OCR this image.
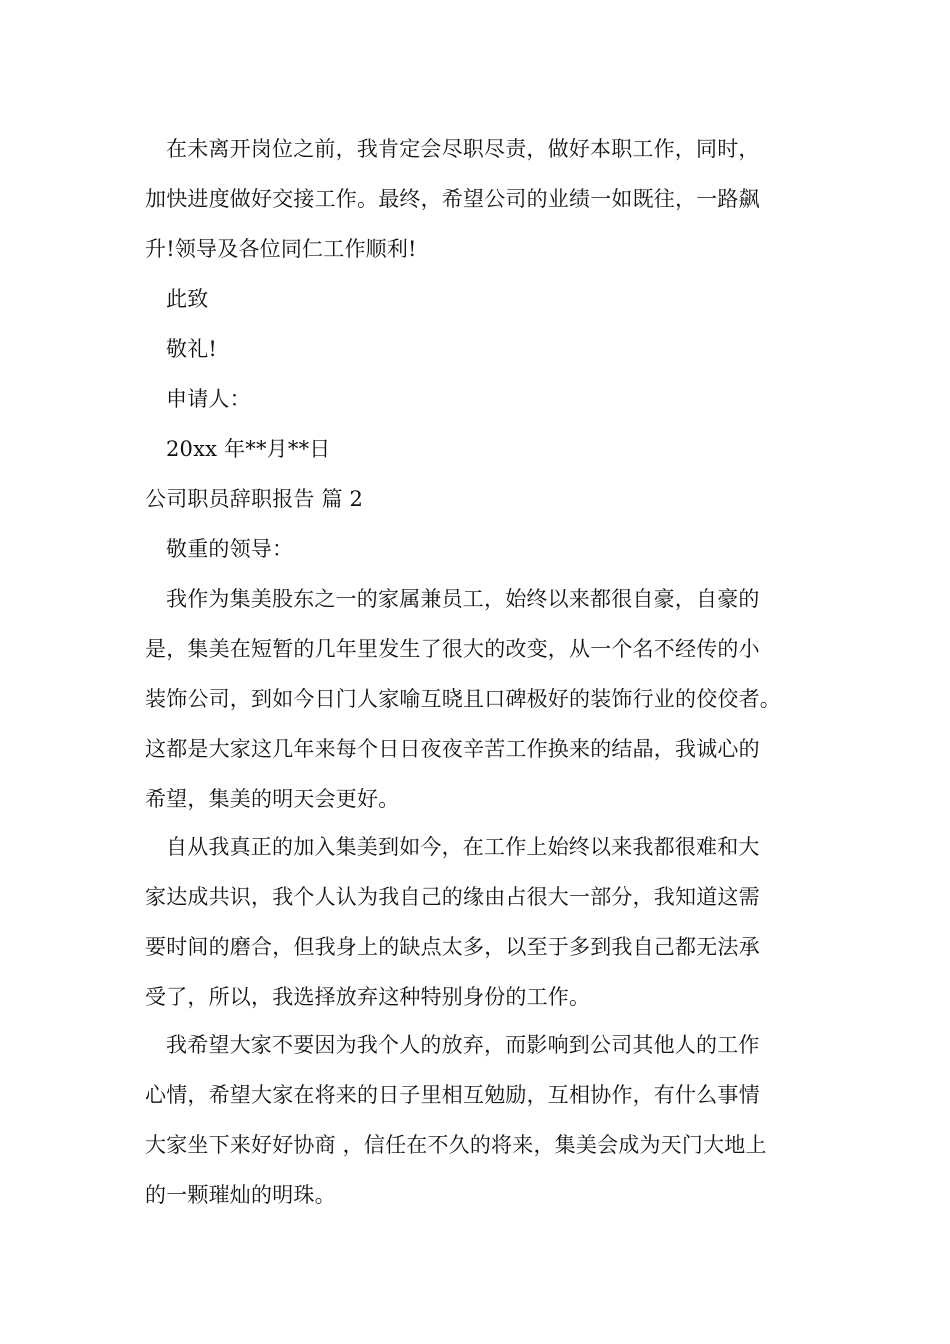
在未离开岗位之前，我肯定会尽职尽责，做好本职工作，同时，
加快进度做好交接工作。最终，希望公司的业绩一如既往，一路飙
升!领导及各位同仁工作顺利!
此致
敬礼!
申请人：
20xx 年**月**日
公司职员辞职报告 篇 2
敬重的领导：
我作为集美股东之一的家属兼员工，始终以来都很自豪，自豪的
是，集美在短暂的几年里发生了很大的改变，从一个名不经传的小
装饰公司，到如今日门人家喻互晓且口碑极好的装饰行业的佼佼者。
这都是大家这几年来每个日日夜夜辛苦工作换来的结晶，我诚心的
希望，集美的明天会更好。
自从我真正的加入集美到如今，在工作上始终以来我都很难和大
家达成共识，我个人认为我自己的缘由占很大一部分，我知道这需
要时间的磨合，但我身上的缺点太多，以至于多到我自己都无法承
受了，所以，我选择放弃这种特别身份的工作。
我希望大家不要因为我个人的放弃，而影响到公司其他人的工作
心情，希望大家在将来的日子里相互勉励，互相协作，有什么事情
大家坐下来好好协商 ，信任在不久的将来，集美会成为天门大地上
的一颗璀灿的明珠。
